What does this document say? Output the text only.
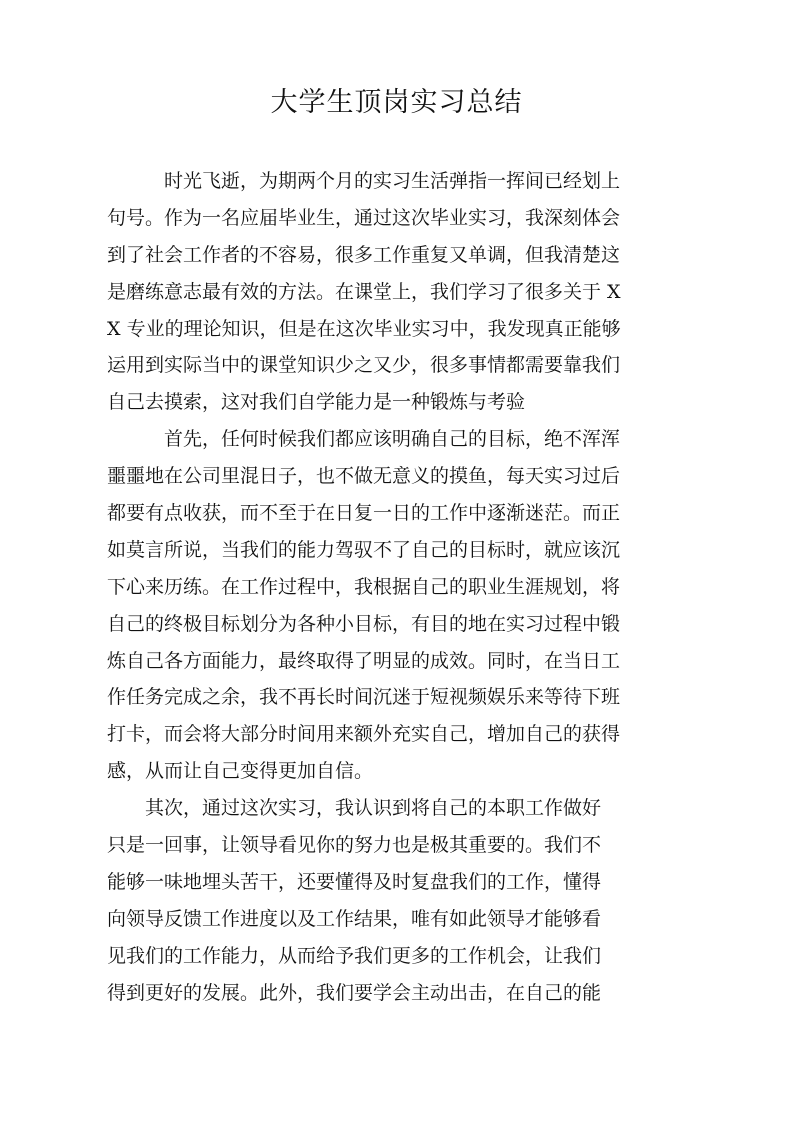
大学生顶岗实习总结

时光飞逝，为期两个月的实习生活弹指一挥间已经划上
句号。作为一名应届毕业生，通过这次毕业实习，我深刻体会
到了社会工作者的不容易，很多工作重复又单调，但我清楚这
是磨练意志最有效的方法。在课堂上，我们学习了很多关于 X
X 专业的理论知识，但是在这次毕业实习中，我发现真正能够
运用到实际当中的课堂知识少之又少，很多事情都需要靠我们
自己去摸索，这对我们自学能力是一种锻炼与考验

首先，任何时候我们都应该明确自己的目标，绝不浑浑
噩噩地在公司里混日子，也不做无意义的摸鱼，每天实习过后
都要有点收获，而不至于在日复一日的工作中逐渐迷茫。而正
如莫言所说，当我们的能力驾驭不了自己的目标时，就应该沉
下心来历练。在工作过程中，我根据自己的职业生涯规划，将
自己的终极目标划分为各种小目标，有目的地在实习过程中锻
炼自己各方面能力，最终取得了明显的成效。同时，在当日工
作任务完成之余，我不再长时间沉迷于短视频娱乐来等待下班
打卡，而会将大部分时间用来额外充实自己，增加自己的获得
感，从而让自己变得更加自信。

其次，通过这次实习，我认识到将自己的本职工作做好
只是一回事，让领导看见你的努力也是极其重要的。我们不
能够一味地埋头苦干，还要懂得及时复盘我们的工作，懂得
向领导反馈工作进度以及工作结果，唯有如此领导才能够看
见我们的工作能力，从而给予我们更多的工作机会，让我们
得到更好的发展。此外，我们要学会主动出击，在自己的能
